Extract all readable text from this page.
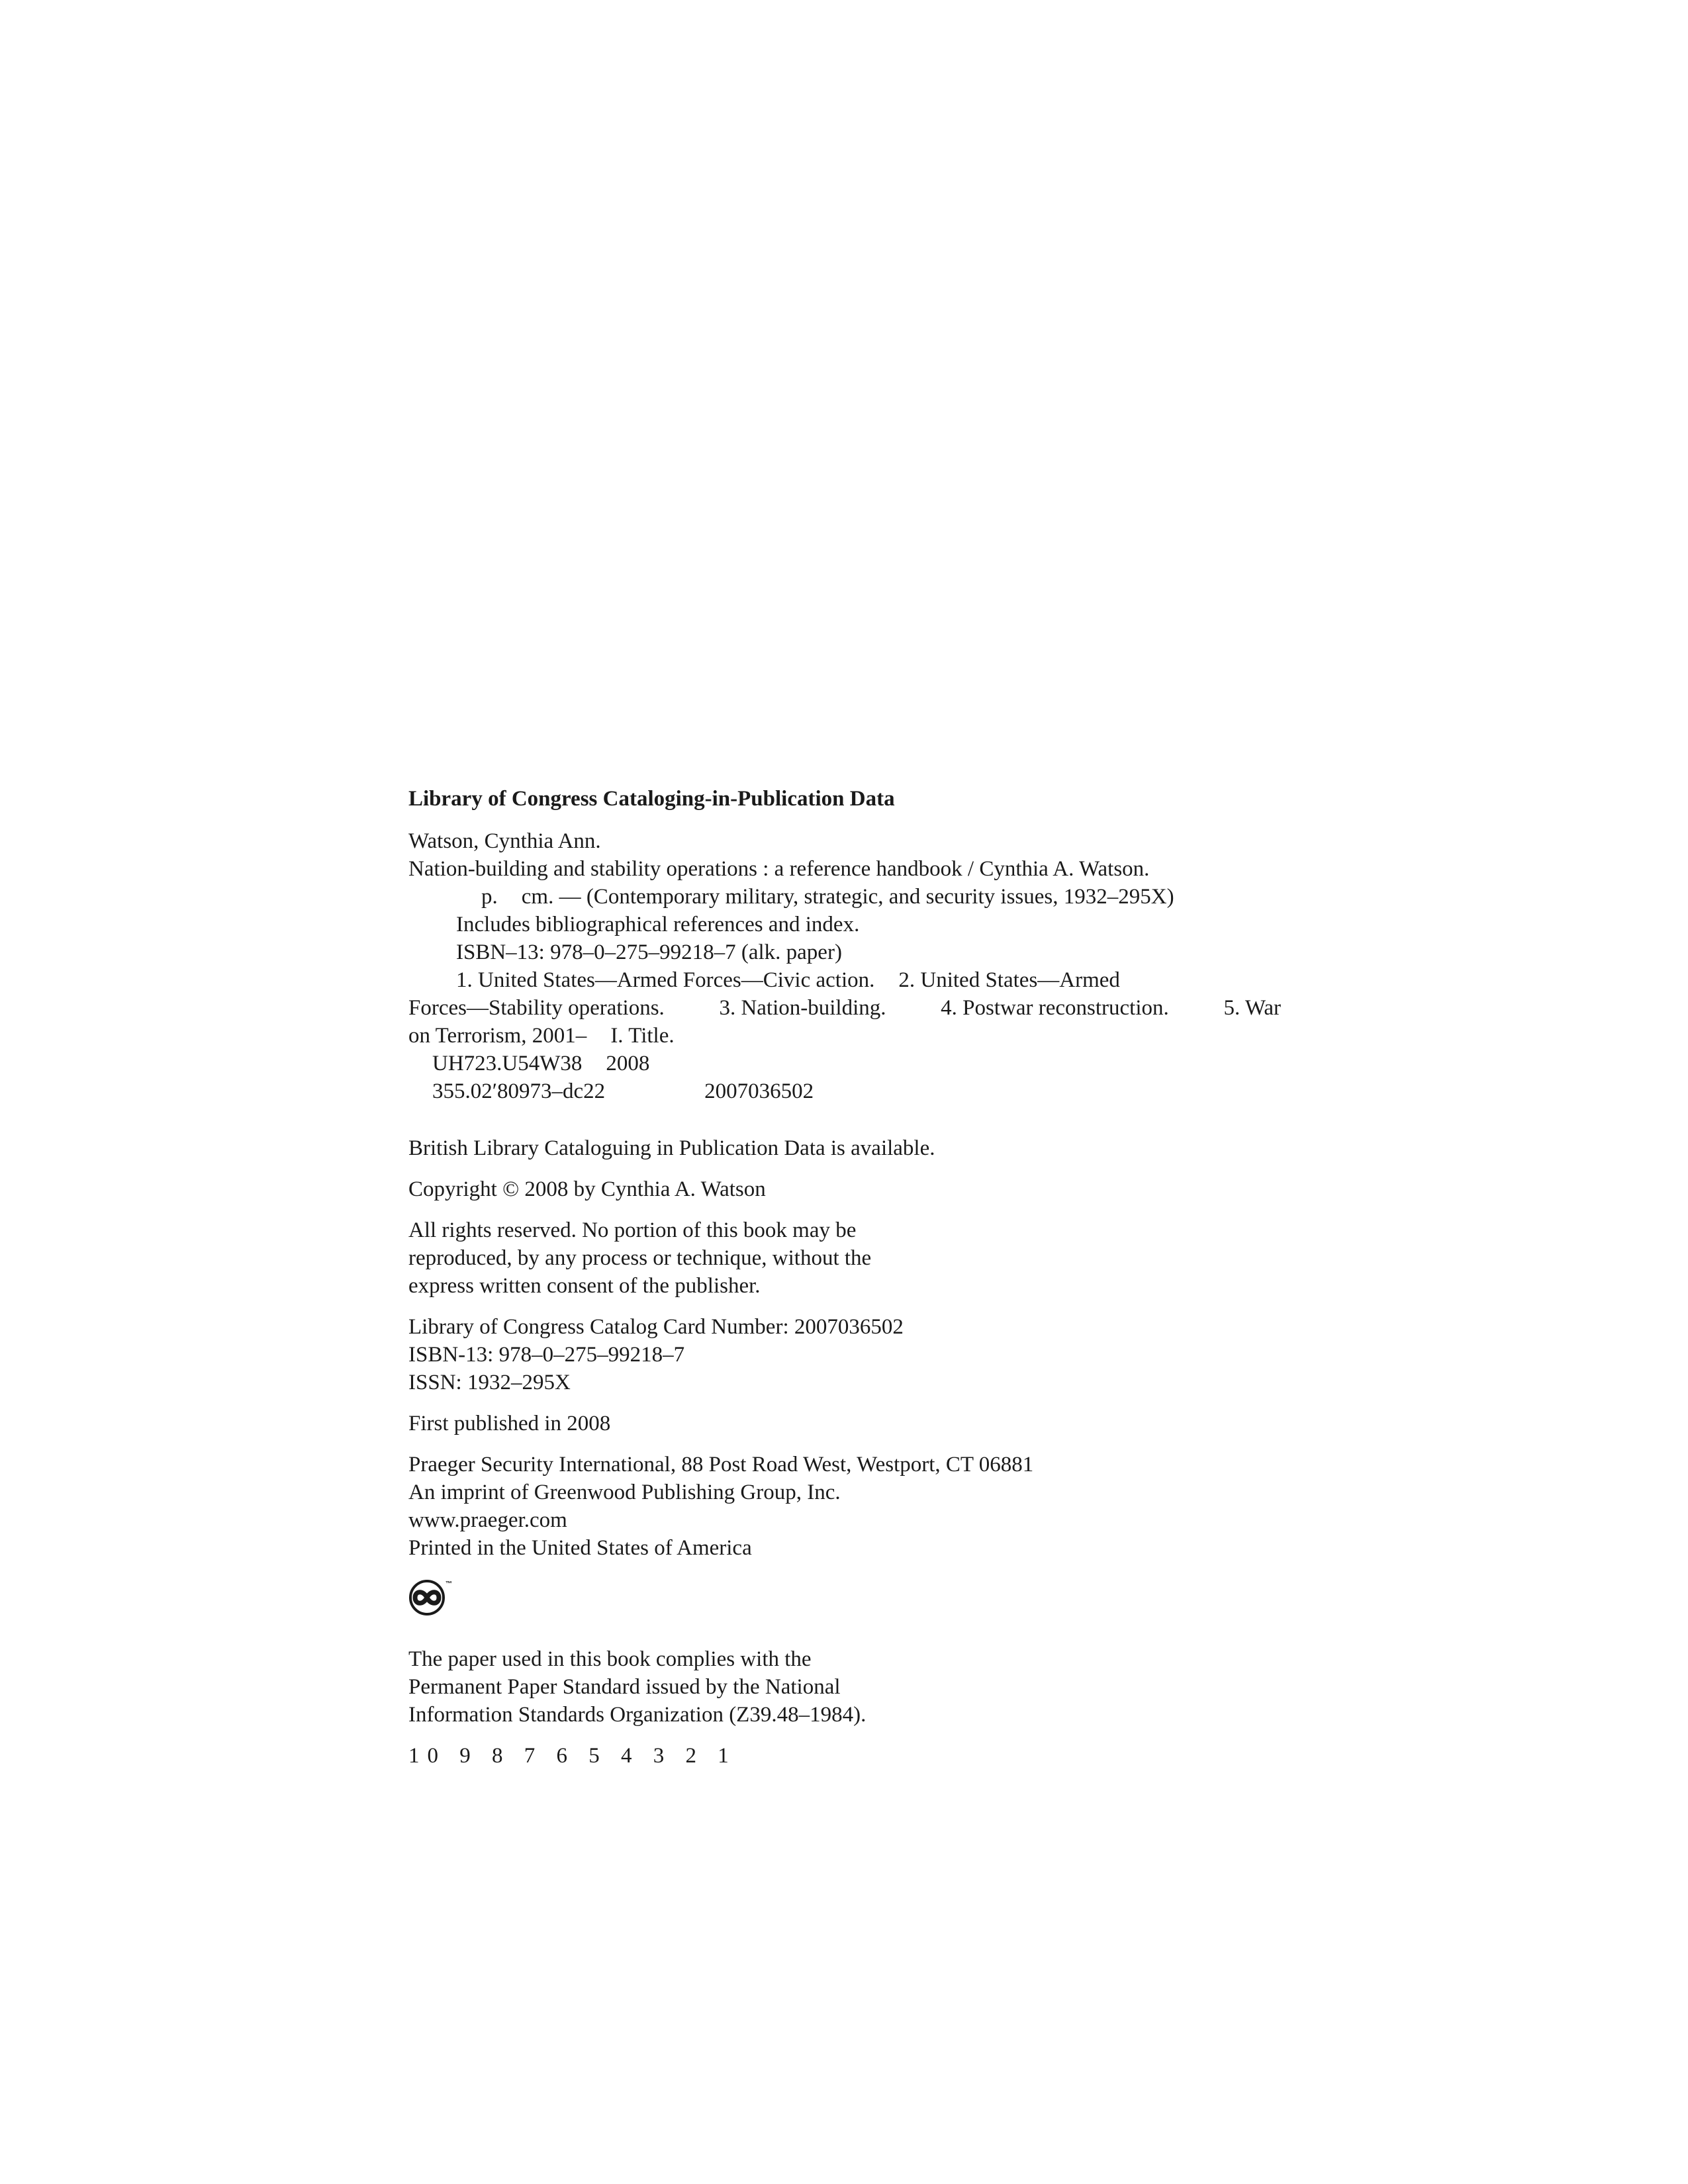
Library of Congress Cataloging-in-Publication Data
Watson, Cynthia Ann.
Nation-building and stability operations : a reference handbook / Cynthia A. Watson.
p. cm. — (Contemporary military, strategic, and security issues, 1932–295X)
Includes bibliographical references and index.
ISBN–13: 978–0–275–99218–7 (alk. paper)
1. United States—Armed Forces—Civic action. 2. United States—Armed
Forces—Stability operations.	3. Nation-building.	4. Postwar reconstruction.	5. War
on Terrorism, 2001– I. Title.
UH723.U54W38 2008
355.02′80973–dc22	2007036502
British Library Cataloguing in Publication Data is available.
Copyright © 2008 by Cynthia A. Watson
All rights reserved. No portion of this book may be
reproduced, by any process or technique, without the
express written consent of the publisher.
Library of Congress Catalog Card Number: 2007036502
ISBN-13: 978–0–275–99218–7
ISSN: 1932–295X
First published in 2008
Praeger Security International, 88 Post Road West, Westport, CT 06881
An imprint of Greenwood Publishing Group, Inc.
www.praeger.com
Printed in the United States of America
™
The paper used in this book complies with the
Permanent Paper Standard issued by the National
Information Standards Organization (Z39.48–1984).
10 9 8 7 6 5 4 3 2 1
